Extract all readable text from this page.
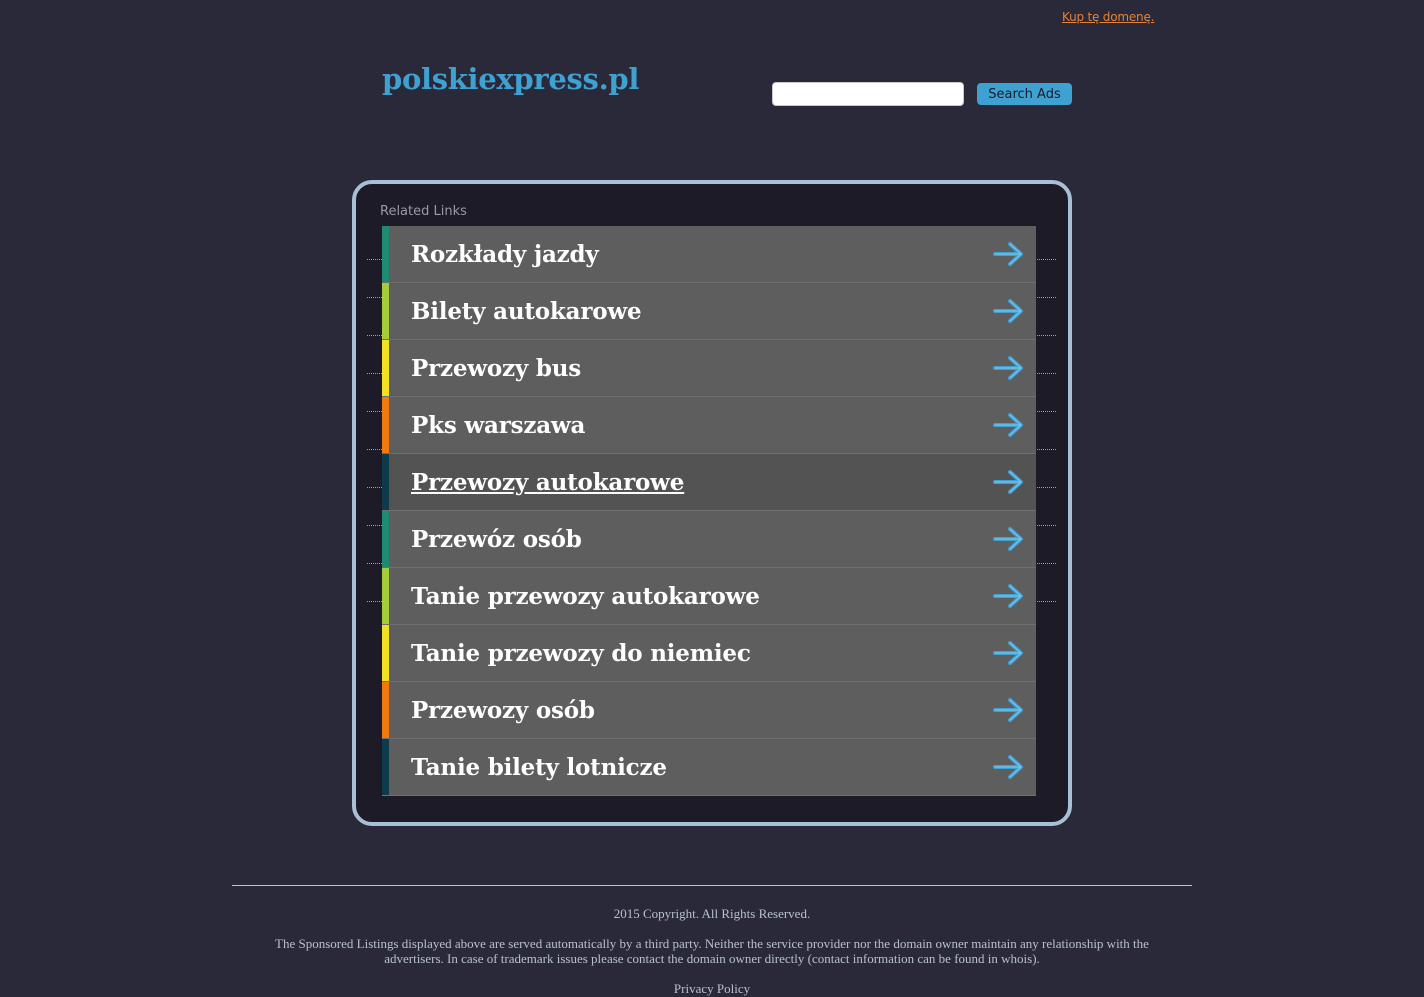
Kup tę domenę.
polskiexpress.pl	Search Ads
Related Links
Rozkłady jazdy
Bilety autokarowe
Przewozy bus
Pks warszawa
Przewozy autokarowe
Przewóz osób
Tanie przewozy autokarowe
Tanie przewozy do niemiec
Przewozy osób
Tanie bilety lotnicze
2015 Copyright. All Rights Reserved.
The Sponsored Listings displayed above are served automatically by a third party. Neither the service provider nor the domain owner maintain any relationship with the advertisers. In case of trademark issues please contact the domain owner directly (contact information can be found in whois).
Privacy Policy
